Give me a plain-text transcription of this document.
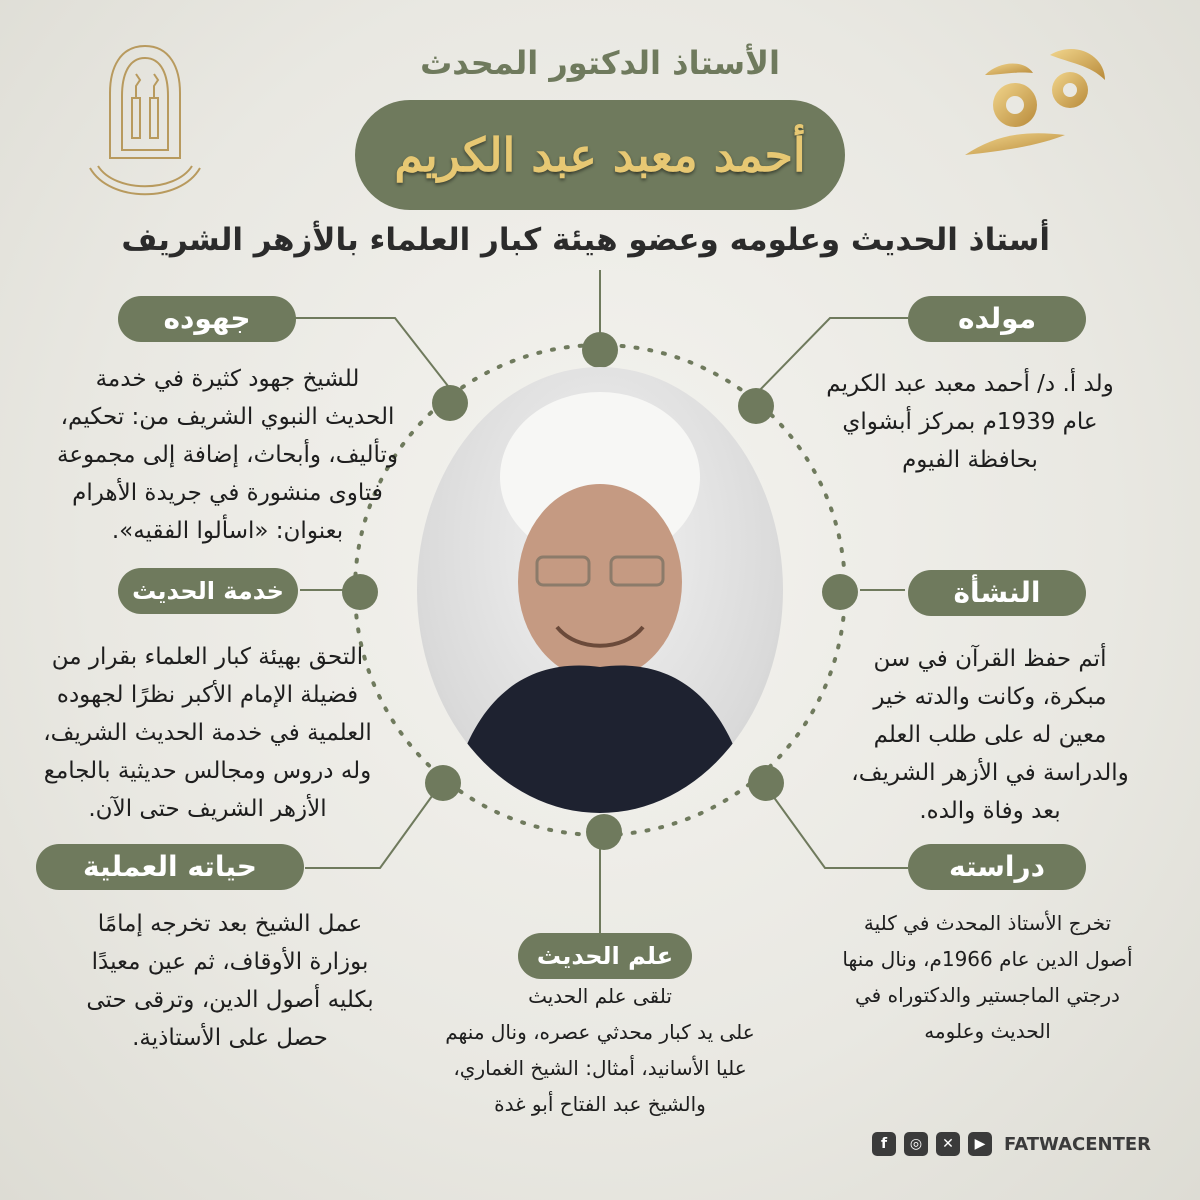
الأستاذ الدكتور المحدث
أحمد معبد عبد الكريم
أستاذ الحديث وعلومه وعضو هيئة كبار العلماء بالأزهر الشريف
مولده
ولد أ. د/ أحمد معبد عبد الكريم
عام 1939م بمركز أبشواي
بحافظة الفيوم
جهوده
للشيخ جهود كثيرة في خدمة
الحديث النبوي الشريف من: تحكيم،
وتأليف، وأبحاث، إضافة إلى مجموعة
فتاوى منشورة في جريدة الأهرام
بعنوان: «اسألوا الفقيه».
خدمة الحديث
التحق بهيئة كبار العلماء بقرار من
فضيلة الإمام الأكبر نظرًا لجهوده
العلمية في خدمة الحديث الشريف،
وله دروس ومجالس حديثية بالجامع
الأزهر الشريف حتى الآن.
النشأة
أتم حفظ القرآن في سن
مبكرة، وكانت والدته خير
معين له على طلب العلم
والدراسة في الأزهر الشريف،
بعد وفاة والده.
حياته العملية
عمل الشيخ بعد تخرجه إمامًا
بوزارة الأوقاف، ثم عين معيدًا
بكليه أصول الدين، وترقى حتى
حصل على الأستاذية.
دراسته
تخرج الأستاذ المحدث في كلية
أصول الدين عام 1966م، ونال منها
درجتي الماجستير والدكتوراه في
الحديث وعلومه
علم الحديث
تلقى علم الحديث
على يد كبار محدثي عصره، ونال منهم
عليا الأسانيد، أمثال: الشيخ الغماري،
والشيخ عبد الفتاح أبو غدة
f	◎	✕	▶	FATWACENTER
